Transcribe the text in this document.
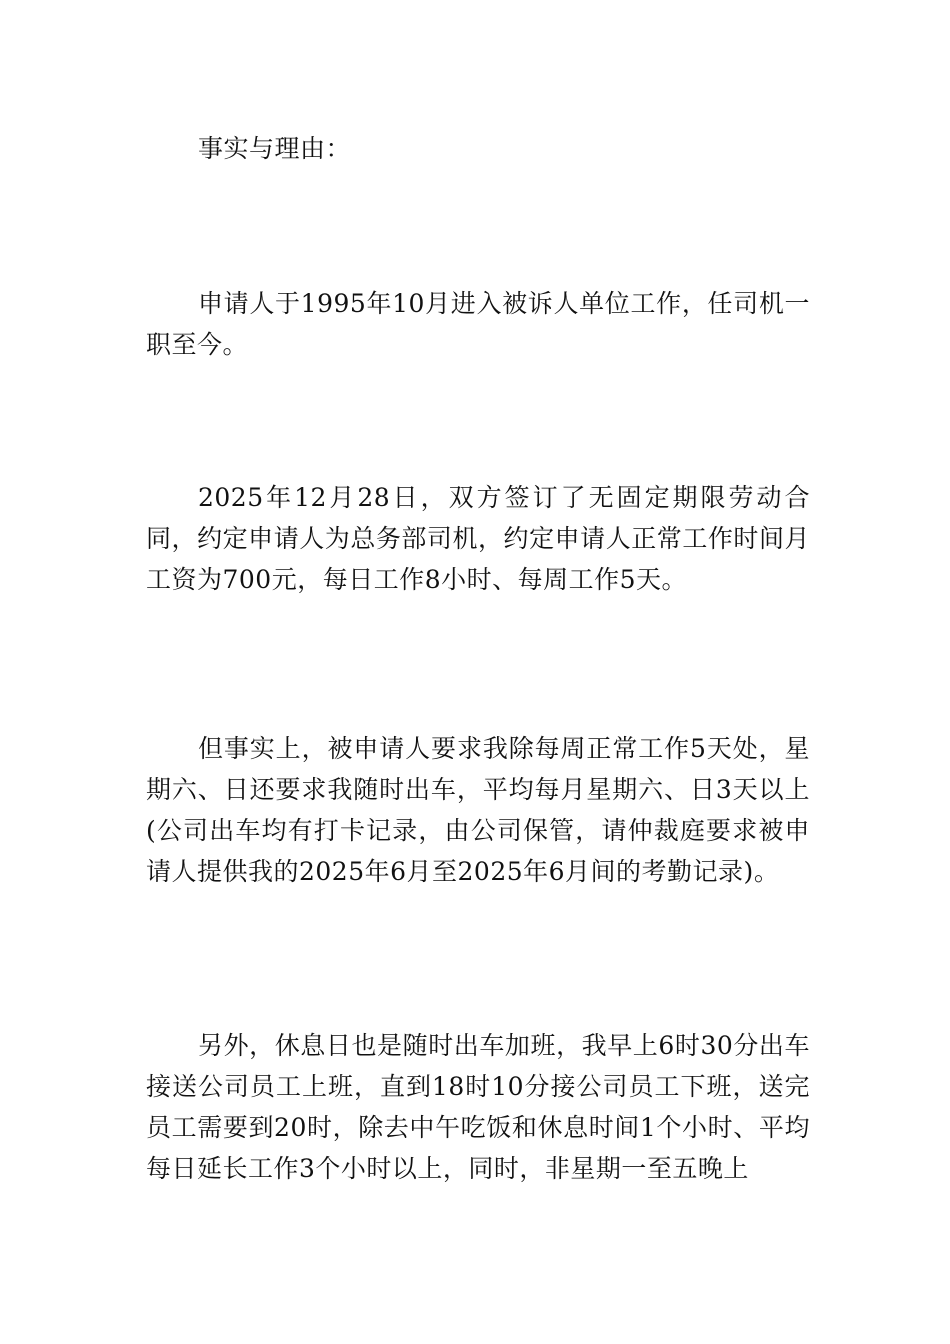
事实与理由：

申请人于1995年10月进入被诉人单位工作，任司机一职至今。

2025年12月28日，双方签订了无固定期限劳动合同，约定申请人为总务部司机，约定申请人正常工作时间月工资为700元，每日工作8小时、每周工作5天。

但事实上，被申请人要求我除每周正常工作5天处，星期六、日还要求我随时出车，平均每月星期六、日3天以上(公司出车均有打卡记录，由公司保管，请仲裁庭要求被申请人提供我的2025年6月至2025年6月间的考勤记录)。

另外，休息日也是随时出车加班，我早上6时30分出车接送公司员工上班，直到18时10分接公司员工下班，送完员工需要到20时，除去中午吃饭和休息时间1个小时、平均每日延长工作3个小时以上，同时，非星期一至五晚上
